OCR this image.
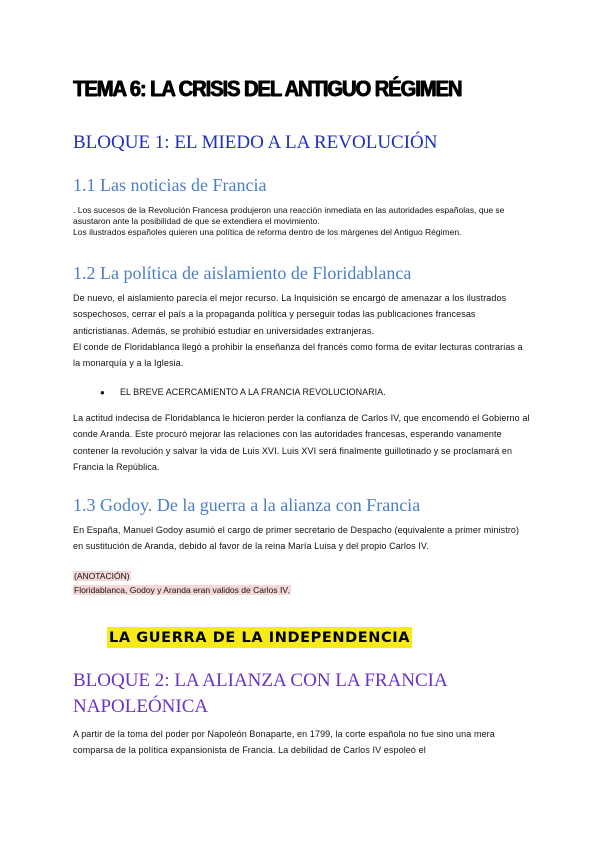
TEMA 6: LA CRISIS DEL ANTIGUO RÉGIMEN
BLOQUE 1: EL MIEDO A LA REVOLUCIÓN
1.1 Las noticias de Francia
. Los sucesos de la Revolución Francesa produjeron una reacción inmediata en las autoridades españolas, que se asustaron ante la posibilidad de que se extendiera el movimiento.
Los ilustrados españoles quieren una política de reforma dentro de los márgenes del Antiguo Régimen.
1.2 La política de aislamiento de Floridablanca
De nuevo, el aislamiento parecía el mejor recurso. La Inquisición se encargó de amenazar a los ilustrados sospechosos, cerrar el país a la propaganda política y perseguir todas las publicaciones francesas anticristianas. Además, se prohibió estudiar en universidades extranjeras.
El conde de Floridablanca llegó a prohibir la enseñanza del francés como forma de evitar lecturas contrarias a la monarquía y a la Iglesia.
● EL BREVE ACERCAMIENTO A LA FRANCIA REVOLUCIONARIA.
La actitud indecisa de Floridablanca le hicieron perder la confianza de Carlos IV, que encomendó el Gobierno al conde Aranda. Este procuró mejorar las relaciones con las autoridades francesas, esperando vanamente contener la revolución y salvar la vida de Luis XVI. Luis XVI será finalmente guillotinado y se proclamará en Francia la República.
1.3 Godoy. De la guerra a la alianza con Francia
En España, Manuel Godoy asumió el cargo de primer secretario de Despacho (equivalente a primer ministro) en sustitución de Aranda, debido al favor de la reina María Luisa y del propio Carlos IV.
(ANOTACIÓN)
Floridablanca, Godoy y Aranda eran validos de Carlos IV.
LA GUERRA DE LA INDEPENDENCIA
BLOQUE 2: LA ALIANZA CON LA FRANCIA NAPOLEÓNICA
A partir de la toma del poder por Napoleón Bonaparte, en 1799, la corte española no fue sino una mera comparsa de la política expansionista de Francia. La debilidad de Carlos IV espoleó el
